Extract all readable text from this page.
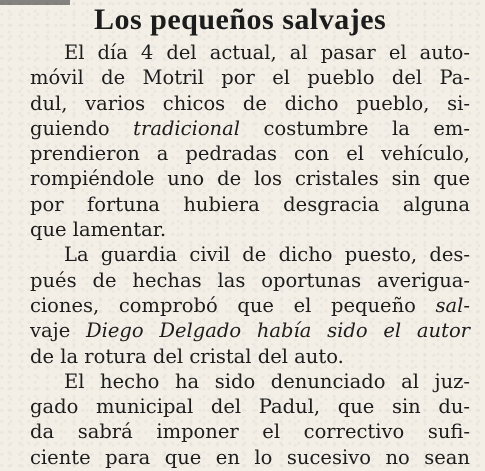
Los pequeños salvajes
El día 4 del actual, al pasar el auto-
móvil de Motril por el pueblo del Pa-
dul, varios chicos de dicho pueblo, si-
guiendo tradicional costumbre la em-
prendieron a pedradas con el vehículo,
rompiéndole uno de los cristales sin que
por fortuna hubiera desgracia alguna
que lamentar.
La guardia civil de dicho puesto, des-
pués de hechas las oportunas averigua-
ciones, comprobó que el pequeño sal-
vaje Diego Delgado había sido el autor
de la rotura del cristal del auto.
El hecho ha sido denunciado al juz-
gado municipal del Padul, que sin du-
da sabrá imponer el correctivo sufi-
ciente para que en lo sucesivo no sean
